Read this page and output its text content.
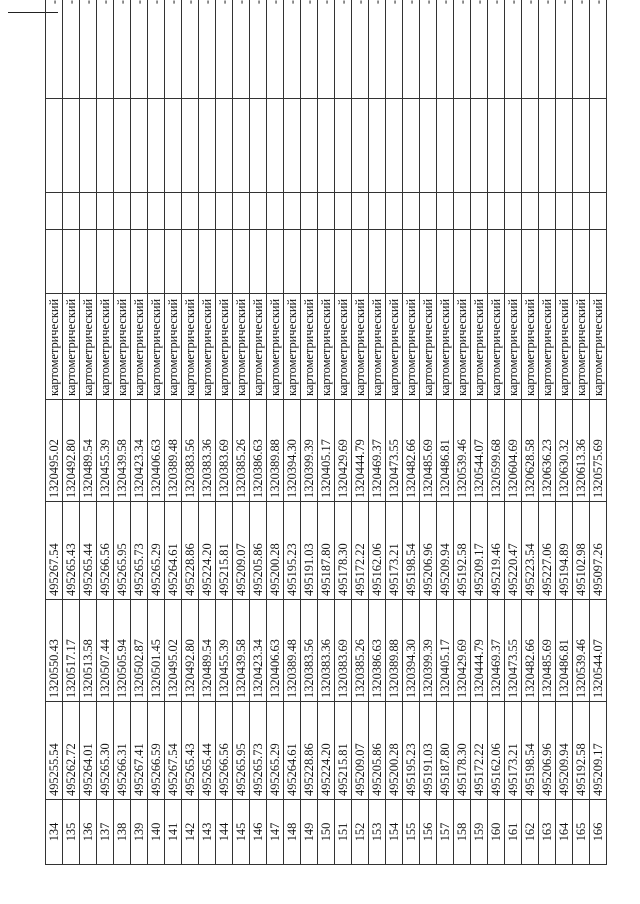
134	495255.54	1320550.43	495267.54	1320495.02	картометрический				-
135	495262.72	1320517.17	495265.43	1320492.80	картометрический				-
136	495264.01	1320513.58	495265.44	1320489.54	картометрический				-
137	495265.30	1320507.44	495266.56	1320455.39	картометрический				-
138	495266.31	1320505.94	495265.95	1320439.58	картометрический				-
139	495267.41	1320502.87	495265.73	1320423.34	картометрический				-
140	495266.59	1320501.45	495265.29	1320406.63	картометрический				-
141	495267.54	1320495.02	495264.61	1320389.48	картометрический				-
142	495265.43	1320492.80	495228.86	1320383.56	картометрический				-
143	495265.44	1320489.54	495224.20	1320383.36	картометрический				-
144	495266.56	1320455.39	495215.81	1320383.69	картометрический				-
145	495265.95	1320439.58	495209.07	1320385.26	картометрический				-
146	495265.73	1320423.34	495205.86	1320386.63	картометрический				-
147	495265.29	1320406.63	495200.28	1320389.88	картометрический				-
148	495264.61	1320389.48	495195.23	1320394.30	картометрический				-
149	495228.86	1320383.56	495191.03	1320399.39	картометрический				-
150	495224.20	1320383.36	495187.80	1320405.17	картометрический				-
151	495215.81	1320383.69	495178.30	1320429.69	картометрический				-
152	495209.07	1320385.26	495172.22	1320444.79	картометрический				-
153	495205.86	1320386.63	495162.06	1320469.37	картометрический				-
154	495200.28	1320389.88	495173.21	1320473.55	картометрический				-
155	495195.23	1320394.30	495198.54	1320482.66	картометрический				-
156	495191.03	1320399.39	495206.96	1320485.69	картометрический				-
157	495187.80	1320405.17	495209.94	1320486.81	картометрический				-
158	495178.30	1320429.69	495192.58	1320539.46	картометрический				-
159	495172.22	1320444.79	495209.17	1320544.07	картометрический				-
160	495162.06	1320469.37	495219.46	1320599.68	картометрический				-
161	495173.21	1320473.55	495220.47	1320604.69	картометрический				-
162	495198.54	1320482.66	495223.54	1320628.58	картометрический				-
163	495206.96	1320485.69	495227.06	1320636.23	картометрический				-
164	495209.94	1320486.81	495194.89	1320630.32	картометрический				-
165	495192.58	1320539.46	495102.98	1320613.36	картометрический				-
166	495209.17	1320544.07	495097.26	1320575.69	картометрический				-
